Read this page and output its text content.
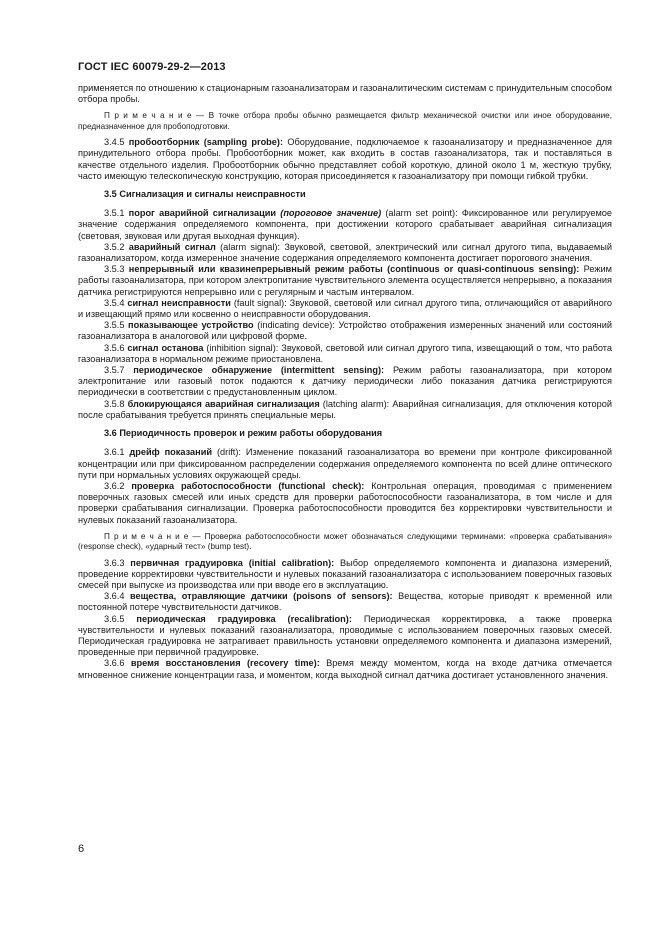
ГОСТ IEC 60079-29-2—2013

применяется по отношению к стационарным газоанализаторам и газоаналитическим системам с принудительным способом отбора пробы.

П р и м е ч а н и е — В точке отбора пробы обычно размещается фильтр механической очистки или иное оборудование, предназначенное для пробоподготовки.

3.4.5 пробоотборник (sampling probe): Оборудование, подключаемое к газоанализатору и предназначенное для принудительного отбора пробы. Пробоотборник может, как входить в состав газоанализатора, так и поставляться в качестве отдельного изделия. Пробоотборник обычно представляет собой короткую, длиной около 1 м, жесткую трубку, часто имеющую телескопическую конструкцию, которая присоединяется к газоанализатору при помощи гибкой трубки.

3.5 Сигнализация и сигналы неисправности

3.5.1 порог аварийной сигнализации (пороговое значение) (alarm set point): Фиксированное или регулируемое значение содержания определяемого компонента, при достижении которого срабатывает аварийная сигнализация (световая, звуковая или другая выходная функция).

3.5.2 аварийный сигнал (alarm signal): Звуковой, световой, электрический или сигнал другого типа, выдаваемый газоанализатором, когда измеренное значение содержания определяемого компонента достигает порогового значения.

3.5.3 непрерывный или квазинепрерывный режим работы (continuous or quasi-continuous sensing): Режим работы газоанализатора, при котором электропитание чувствительного элемента осуществляется непрерывно, а показания датчика регистрируются непрерывно или с регулярным и частым интервалом.

3.5.4 сигнал неисправности (fault signal): Звуковой, световой или сигнал другого типа, отличающийся от аварийного и извещающий прямо или косвенно о неисправности оборудования.

3.5.5 показывающее устройство (indicating device): Устройство отображения измеренных значений или состояний газоанализатора в аналоговой или цифровой форме.

3.5.6 сигнал останова (inhibition signal): Звуковой, световой или сигнал другого типа, извещающий о том, что работа газоанализатора в нормальном режиме приостановлена.

3.5.7 периодическое обнаружение (intermittent sensing): Режим работы газоанализатора, при котором электропитание или газовый поток подаются к датчику периодически либо показания датчика регистрируются периодически в соответствии с предустановленным циклом.

3.5.8 блокирующаяся аварийная сигнализация (latching alarm): Аварийная сигнализация, для отключения которой после срабатывания требуется принять специальные меры.

3.6 Периодичность проверок и режим работы оборудования

3.6.1 дрейф показаний (drift): Изменение показаний газоанализатора во времени при контроле фиксированной концентрации или при фиксированном распределении содержания определяемого компонента по всей длине оптического пути при нормальных условиях окружающей среды.

3.6.2 проверка работоспособности (functional check): Контрольная операция, проводимая с применением поверочных газовых смесей или иных средств для проверки работоспособности газоанализатора, в том числе и для проверки срабатывания сигнализации. Проверка работоспособности проводится без корректировки чувствительности и нулевых показаний газоанализатора.

П р и м е ч а н и е — Проверка работоспособности может обозначаться следующими терминами: «проверка срабатывания» (response check), «ударный тест» (bump test).

3.6.3 первичная градуировка (initial calibration): Выбор определяемого компонента и диапазона измерений, проведение корректировки чувствительности и нулевых показаний газоанализатора с использованием поверочных газовых смесей при выпуске из производства или при вводе его в эксплуатацию.

3.6.4 вещества, отравляющие датчики (poisons of sensors): Вещества, которые приводят к временной или постоянной потере чувствительности датчиков.

3.6.5 периодическая градуировка (recalibration): Периодическая корректировка, а также проверка чувствительности и нулевых показаний газоанализатора, проводимые с использованием поверочных газовых смесей. Периодическая градуировка не затрагивает правильность установки определяемого компонента и диапазона измерений, проведенные при первичной градуировке.

3.6.6 время восстановления (recovery time): Время между моментом, когда на входе датчика отмечается мгновенное снижение концентрации газа, и моментом, когда выходной сигнал датчика достигает установленного значения.

6
